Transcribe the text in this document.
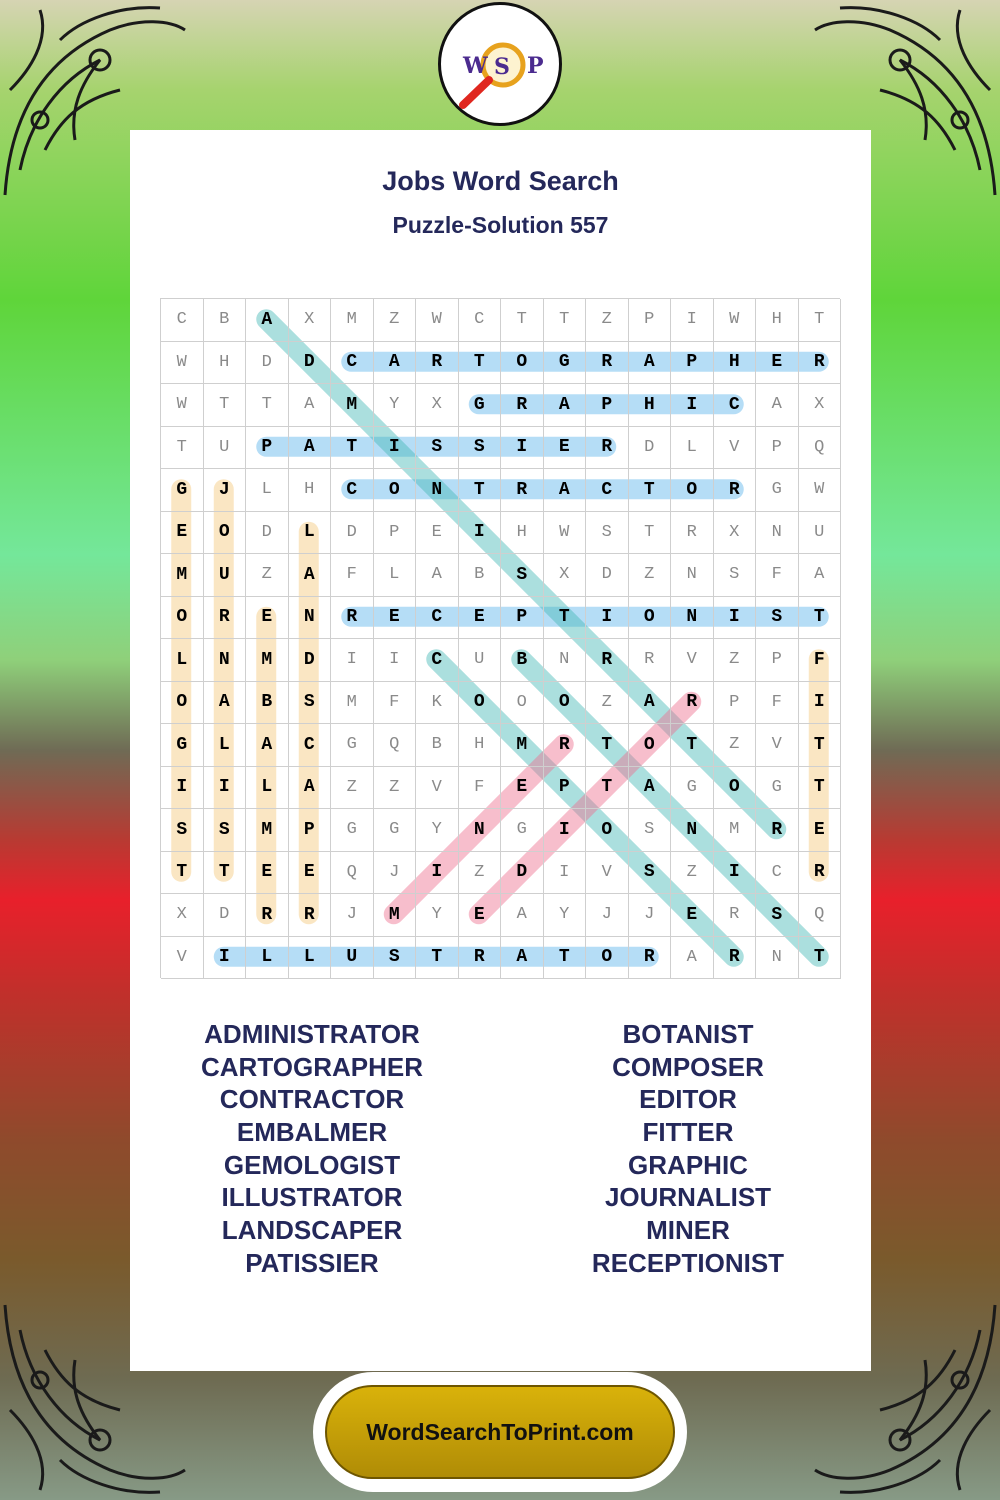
W S P
Jobs Word Search
Puzzle-Solution 557
C	B	A	X	M	Z	W	C	T	T	Z	P	I	W	H	T
W	H	D	D	C	A	R	T	O	G	R	A	P	H	E	R
W	T	T	A	M	Y	X	G	R	A	P	H	I	C	A	X
T	U	P	A	T	I	S	S	I	E	R	D	L	V	P	Q
G	J	L	H	C	O	N	T	R	A	C	T	O	R	G	W
E	O	D	L	D	P	E	I	H	W	S	T	R	X	N	U
M	U	Z	A	F	L	A	B	S	X	D	Z	N	S	F	A
O	R	E	N	R	E	C	E	P	T	I	O	N	I	S	T
L	N	M	D	I	I	C	U	B	N	R	R	V	Z	P	F
O	A	B	S	M	F	K	O	O	O	Z	A	R	P	F	I
G	L	A	C	G	Q	B	H	M	R	T	O	T	Z	V	T
I	I	L	A	Z	Z	V	F	E	P	T	A	G	O	G	T
S	S	M	P	G	G	Y	N	G	I	O	S	N	M	R	E
T	T	E	E	Q	J	I	Z	D	I	V	S	Z	I	C	R
X	D	R	R	J	M	Y	E	A	Y	J	J	E	R	S	Q
V	I	L	L	U	S	T	R	A	T	O	R	A	R	N	T
ADMINISTRATOR
CARTOGRAPHER
CONTRACTOR
EMBALMER
GEMOLOGIST
ILLUSTRATOR
LANDSCAPER
PATISSIER
BOTANIST
COMPOSER
EDITOR
FITTER
GRAPHIC
JOURNALIST
MINER
RECEPTIONIST
WordSearchToPrint.com
